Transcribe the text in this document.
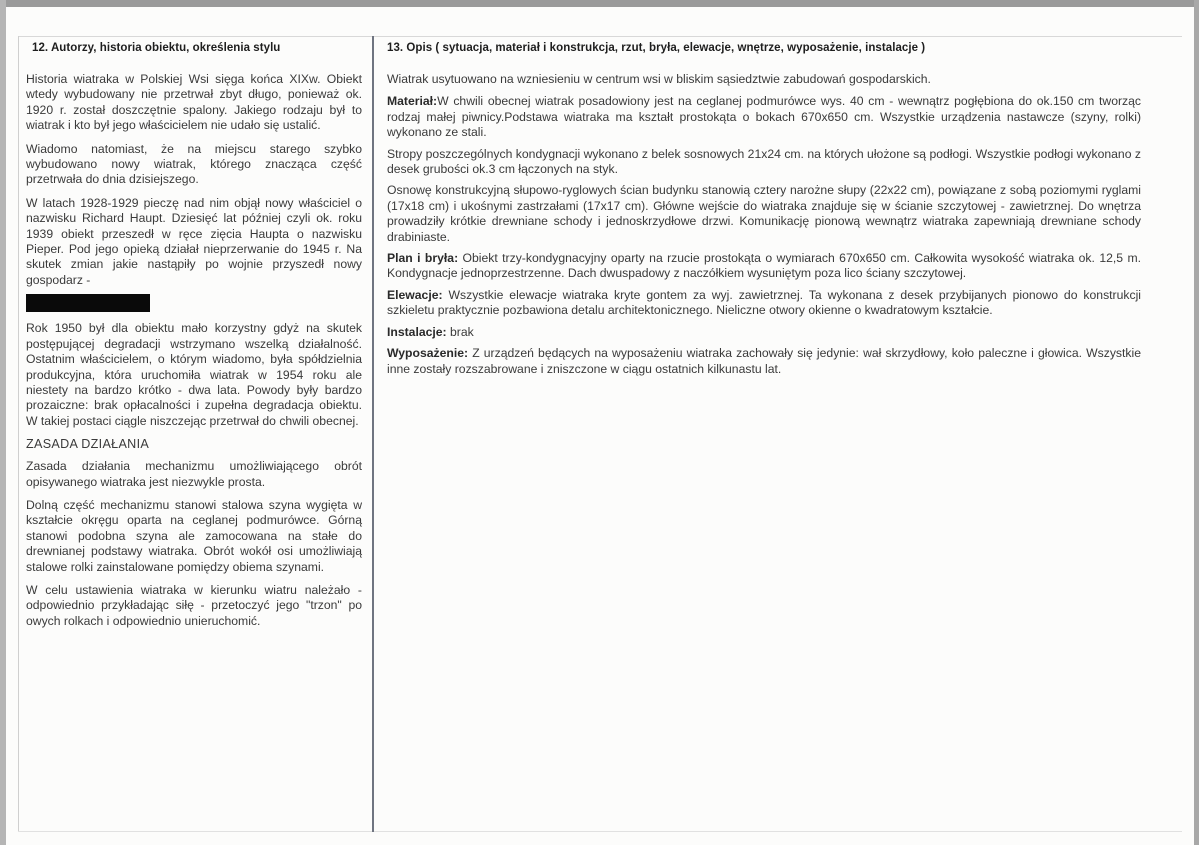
12. Autorzy, historia obiektu, określenia stylu

Historia wiatraka w Polskiej Wsi sięga końca XIXw. Obiekt wtedy wybudowany nie przetrwał zbyt długo, ponieważ ok. 1920 r. został doszczętnie spalony. Jakiego rodzaju był to wiatrak i kto był jego właścicielem nie udało się ustalić.

Wiadomo natomiast, że na miejscu starego szybko wybudowano nowy wiatrak, którego znacząca część przetrwała do dnia dzisiejszego.

W latach 1928-1929 pieczę nad nim objął nowy właściciel o nazwisku Richard Haupt. Dziesięć lat później czyli ok. roku 1939 obiekt przeszedł w ręce zięcia Haupta o nazwisku Pieper. Pod jego opieką działał nieprzerwanie do 1945 r. Na skutek zmian jakie nastąpiły po wojnie przyszedł nowy gospodarz -

Rok 1950 był dla obiektu mało korzystny gdyż na skutek postępującej degradacji wstrzymano wszelką działalność. Ostatnim właścicielem, o którym wiadomo, była spółdzielnia produkcyjna, która uruchomiła wiatrak w 1954 roku ale niestety na bardzo krótko - dwa lata. Powody były bardzo prozaiczne: brak opłacalności i zupełna degradacja obiektu. W takiej postaci ciągle niszczejąc przetrwał do chwili obecnej.

ZASADA DZIAŁANIA

Zasada działania mechanizmu umożliwiającego obrót opisywanego wiatraka jest niezwykle prosta.

Dolną część mechanizmu stanowi stalowa szyna wygięta w kształcie okręgu oparta na ceglanej podmurówce. Górną stanowi podobna szyna ale zamocowana na stałe do drewnianej podstawy wiatraka. Obrót wokół osi umożliwiają stalowe rolki zainstalowane pomiędzy obiema szynami.

W celu ustawienia wiatraka w kierunku wiatru należało - odpowiednio przykładając siłę - przetoczyć jego "trzon" po owych rolkach i odpowiednio unieruchomić.

13. Opis ( sytuacja, materiał i konstrukcja, rzut, bryła, elewacje, wnętrze, wyposażenie, instalacje )

Wiatrak usytuowano na wzniesieniu w centrum wsi w bliskim sąsiedztwie zabudowań gospodarskich.

Materiał:W chwili obecnej wiatrak posadowiony jest na ceglanej podmurówce wys. 40 cm - wewnątrz pogłębiona do ok.150 cm tworząc rodzaj małej piwnicy.Podstawa wiatraka ma kształt prostokąta o bokach 670x650 cm. Wszystkie urządzenia nastawcze (szyny, rolki) wykonano ze stali.

Stropy poszczególnych kondygnacji wykonano z belek sosnowych 21x24 cm. na których ułożone są podłogi. Wszystkie podłogi wykonano z desek grubości ok.3 cm łączonych na styk.

Osnowę konstrukcyjną słupowo-ryglowych ścian budynku stanowią cztery narożne słupy (22x22 cm), powiązane z sobą poziomymi ryglami (17x18 cm) i ukośnymi zastrzałami (17x17 cm). Główne wejście do wiatraka znajduje się w ścianie szczytowej - zawietrznej. Do wnętrza prowadziły krótkie drewniane schody i jednoskrzydłowe drzwi. Komunikację pionową wewnątrz wiatraka zapewniają drewniane schody drabiniaste.

Plan i bryła: Obiekt trzy-kondygnacyjny oparty na rzucie prostokąta o wymiarach 670x650 cm. Całkowita wysokość wiatraka ok. 12,5 m. Kondygnacje jednoprzestrzenne. Dach dwuspadowy z naczółkiem wysuniętym poza lico ściany szczytowej.

Elewacje: Wszystkie elewacje wiatraka kryte gontem za wyj. zawietrznej. Ta wykonana z desek przybijanych pionowo do konstrukcji szkieletu praktycznie pozbawiona detalu architektonicznego. Nieliczne otwory okienne o kwadratowym kształcie.

Instalacje: brak

Wyposażenie: Z urządzeń będących na wyposażeniu wiatraka zachowały się jedynie: wał skrzydłowy, koło paleczne i głowica. Wszystkie inne zostały rozszabrowane i zniszczone w ciągu ostatnich kilkunastu lat.
